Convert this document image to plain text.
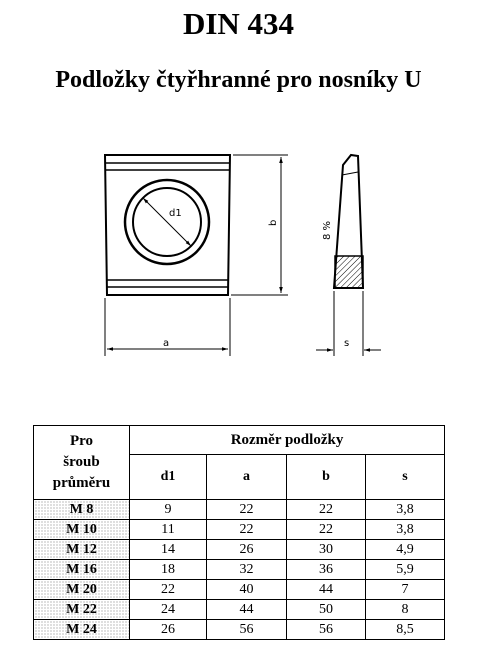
DIN 434
Podložky čtyřhranné pro nosníky U
d1
a
b	8 %
s
Pro
šroub
průměru	Rozměr podložky			
	d1	a	b	s
M 8	9	22	22	3,8
M 10	11	22	22	3,8
M 12	14	26	30	4,9
M 16	18	32	36	5,9
M 20	22	40	44	7
M 22	24	44	50	8
M 24	26	56	56	8,5
